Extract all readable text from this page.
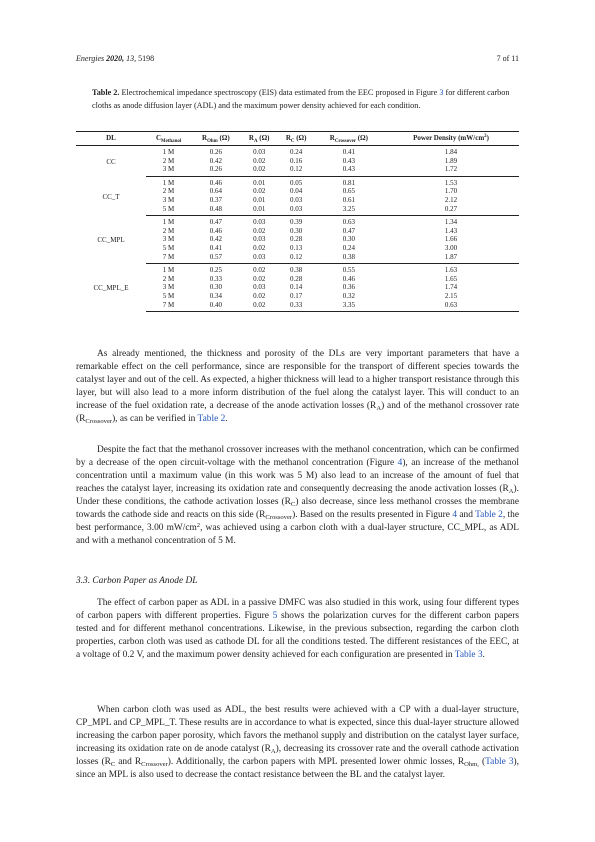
Energies 2020, 13, 5198	7 of 11
Table 2. Electrochemical impedance spectroscopy (EIS) data estimated from the EEC proposed in Figure 3 for different carbon cloths as anode diffusion layer (ADL) and the maximum power density achieved for each condition.
DL	$C_{Methanol}$	$R_{Ohm}$ (Ω)	$R_A$ (Ω)	$R_C$ (Ω)	$R_{Crossover}$ (Ω)	Power Density $(mW/cm^2)$
CC	1 M	0.26	0.03	0.24	0.41	1.84
	2 M	0.42	0.02	0.16	0.43	1.89
	3 M	0.26	0.02	0.12	0.43	1.72
CC_T	1 M	0.46	0.01	0.05	0.81	1.53
	2 M	0.64	0.02	0.04	0.65	1.70
	3 M	0.37	0.01	0.03	0.61	2.12
	5 M	0.48	0.01	0.03	3.25	0.27
CC_MPL	1 M	0.47	0.03	0.39	0.63	1.34
	2 M	0.46	0.02	0.30	0.47	1.43
	3 M	0.42	0.03	0.28	0.30	1.66
	5 M	0.41	0.02	0.13	0.24	3.00
	7 M	0.57	0.03	0.12	0.38	1.87
CC_MPL_E	1 M	0.25	0.02	0.38	0.55	1.63
	2 M	0.33	0.02	0.28	0.46	1.65
	3 M	0.30	0.03	0.14	0.36	1.74
	5 M	0.34	0.02	0.17	0.32	2.15
	7 M	0.40	0.02	0.33	3.35	0.63

As already mentioned, the thickness and porosity of the DLs are very important parameters that have a remarkable effect on the cell performance, since are responsible for the transport of different species towards the catalyst layer and out of the cell. As expected, a higher thickness will lead to a higher transport resistance through this layer, but will also lead to a more inform distribution of the fuel along the catalyst layer. This will conduct to an increase of the fuel oxidation rate, a decrease of the anode activation losses $(R_A)$ and of the methanol crossover rate $(R_{Crossover})$, as can be verified in Table 2.

Despite the fact that the methanol crossover increases with the methanol concentration, which can be confirmed by a decrease of the open circuit-voltage with the methanol concentration (Figure 4), an increase of the methanol concentration until a maximum value (in this work was 5 M) also lead to an increase of the amount of fuel that reaches the catalyst layer, increasing its oxidation rate and consequently decreasing the anode activation losses $(R_A)$. Under these conditions, the cathode activation losses $(R_C)$ also decrease, since less methanol crosses the membrane towards the cathode side and reacts on this side $(R_{Crossover})$. Based on the results presented in Figure 4 and Table 2, the best performance, 3.00 $mW/cm^2$, was achieved using a carbon cloth with a dual-layer structure, CC_MPL, as ADL and with a methanol concentration of 5 M.

3.3. Carbon Paper as Anode DL

The effect of carbon paper as ADL in a passive DMFC was also studied in this work, using four different types of carbon papers with different properties. Figure 5 shows the polarization curves for the different carbon papers tested and for different methanol concentrations. Likewise, in the previous subsection, regarding the carbon cloth properties, carbon cloth was used as cathode DL for all the conditions tested. The different resistances of the EEC, at a voltage of 0.2 V, and the maximum power density achieved for each configuration are presented in Table 3.

When carbon cloth was used as ADL, the best results were achieved with a CP with a dual-layer structure, CP_MPL and CP_MPL_T. These results are in accordance to what is expected, since this dual-layer structure allowed increasing the carbon paper porosity, which favors the methanol supply and distribution on the catalyst layer surface, increasing its oxidation rate on de anode catalyst $(R_A)$, decreasing its crossover rate and the overall cathode activation losses ($R_C$ and $R_{Crossover}$). Additionally, the carbon papers with MPL presented lower ohmic losses, $R_{Ohm,}$ (Table 3), since an MPL is also used to decrease the contact resistance between the BL and the catalyst layer.
